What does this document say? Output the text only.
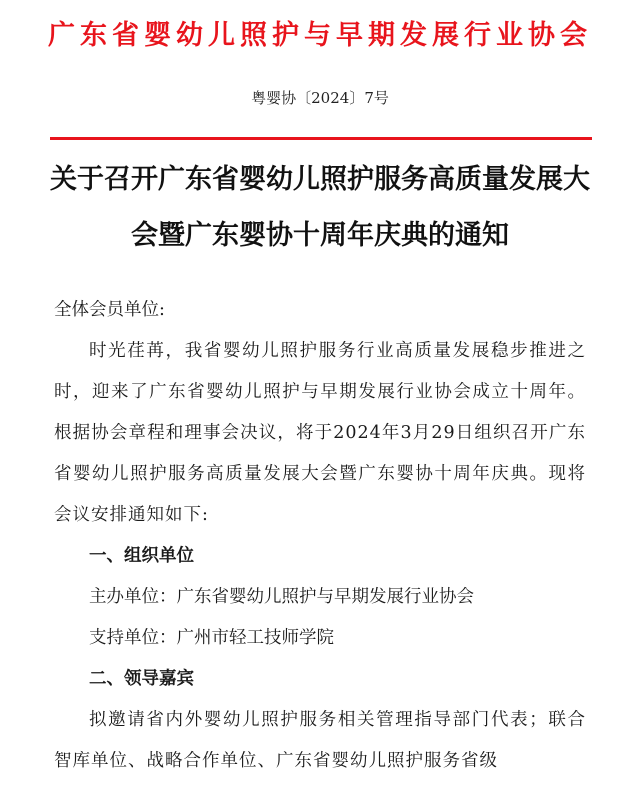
广东省婴幼儿照护与早期发展行业协会
粤婴协〔2024〕7号
关于召开广东省婴幼儿照护服务高质量发展大
会暨广东婴协十周年庆典的通知
全体会员单位:
时光荏苒，我省婴幼儿照护服务行业高质量发展稳步推进之时，迎来了广东省婴幼儿照护与早期发展行业协会成立十周年。根据协会章程和理事会决议，将于2024年3月29日组织召开广东省婴幼儿照护服务高质量发展大会暨广东婴协十周年庆典。现将会议安排通知如下:
一、组织单位
主办单位：广东省婴幼儿照护与早期发展行业协会
支持单位：广州市轻工技师学院
二、领导嘉宾
拟邀请省内外婴幼儿照护服务相关管理指导部门代表；联合智库单位、战略合作单位、广东省婴幼儿照护服务省级
